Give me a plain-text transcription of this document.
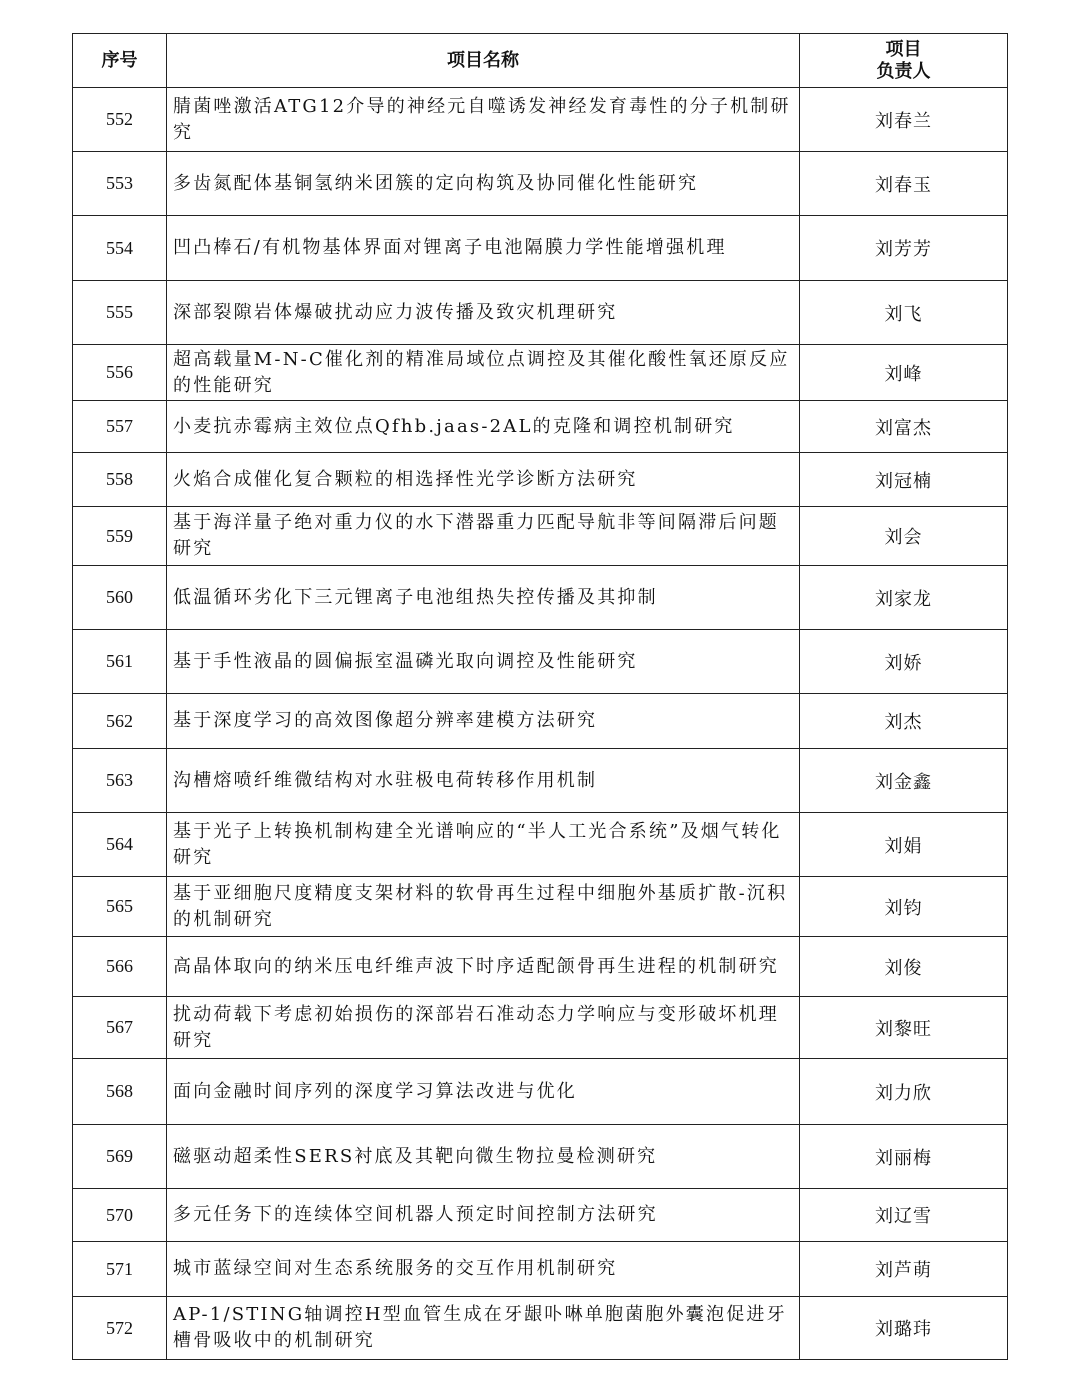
序号	项目名称	项目
负责人

552	腈菌唑激活ATG12介导的神经元自噬诱发神经发育毒性的分子机制研究	刘春兰
553	多齿氮配体基铜氢纳米团簇的定向构筑及协同催化性能研究	刘春玉
554	凹凸棒石/有机物基体界面对锂离子电池隔膜力学性能增强机理	刘芳芳
555	深部裂隙岩体爆破扰动应力波传播及致灾机理研究	刘飞
556	超高载量M-N-C催化剂的精准局域位点调控及其催化酸性氧还原反应的性能研究	刘峰
557	小麦抗赤霉病主效位点Qfhb.jaas-2AL的克隆和调控机制研究	刘富杰
558	火焰合成催化复合颗粒的相选择性光学诊断方法研究	刘冠楠
559	基于海洋量子绝对重力仪的水下潜器重力匹配导航非等间隔滞后问题研究	刘会
560	低温循环劣化下三元锂离子电池组热失控传播及其抑制	刘家龙
561	基于手性液晶的圆偏振室温磷光取向调控及性能研究	刘娇
562	基于深度学习的高效图像超分辨率建模方法研究	刘杰
563	沟槽熔喷纤维微结构对水驻极电荷转移作用机制	刘金鑫
564	基于光子上转换机制构建全光谱响应的“半人工光合系统”及烟气转化研究	刘娟
565	基于亚细胞尺度精度支架材料的软骨再生过程中细胞外基质扩散-沉积的机制研究	刘钧
566	高晶体取向的纳米压电纤维声波下时序适配颌骨再生进程的机制研究	刘俊
567	扰动荷载下考虑初始损伤的深部岩石准动态力学响应与变形破坏机理研究	刘黎旺
568	面向金融时间序列的深度学习算法改进与优化	刘力欣
569	磁驱动超柔性SERS衬底及其靶向微生物拉曼检测研究	刘丽梅
570	多元任务下的连续体空间机器人预定时间控制方法研究	刘辽雪
571	城市蓝绿空间对生态系统服务的交互作用机制研究	刘芦萌
572	AP-1/STING轴调控H型血管生成在牙龈卟啉单胞菌胞外囊泡促进牙槽骨吸收中的机制研究	刘璐玮
